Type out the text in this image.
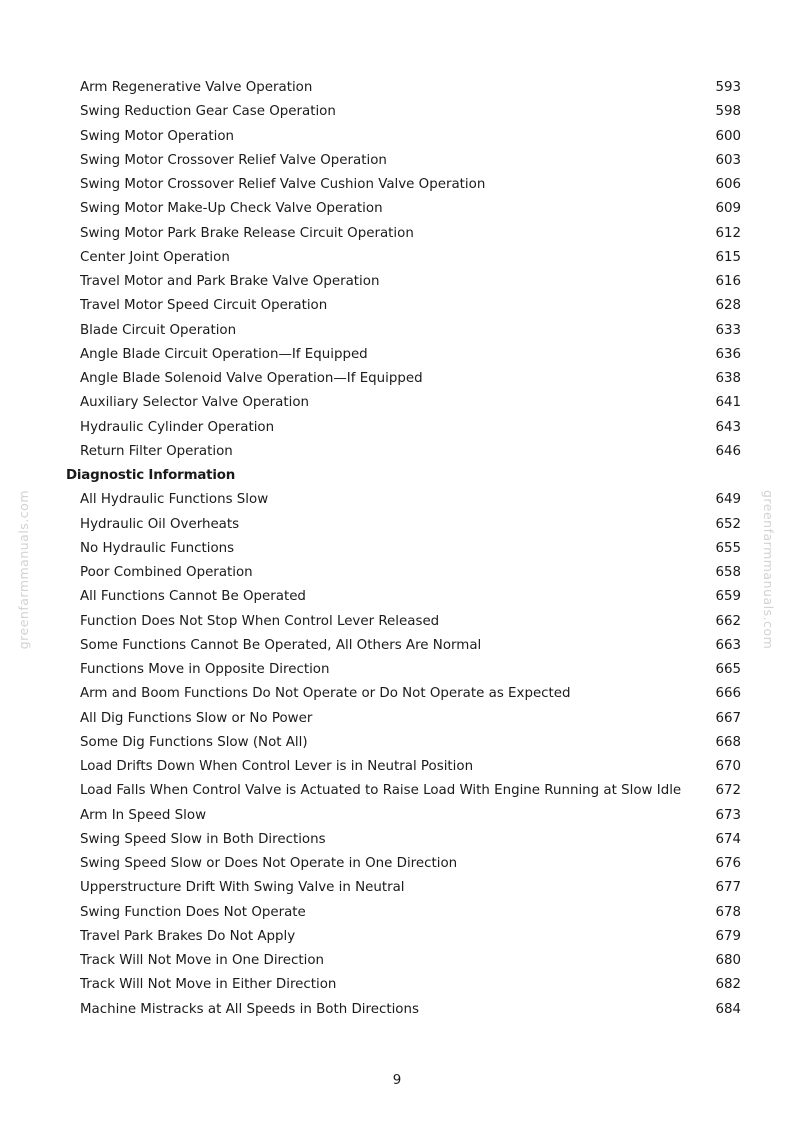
greenfarmmanuals.com	greenfarmmanuals.com
Arm Regenerative Valve Operation	593
Swing Reduction Gear Case Operation	598
Swing Motor Operation	600
Swing Motor Crossover Relief Valve Operation	603
Swing Motor Crossover Relief Valve Cushion Valve Operation	606
Swing Motor Make-Up Check Valve Operation	609
Swing Motor Park Brake Release Circuit Operation	612
Center Joint Operation	615
Travel Motor and Park Brake Valve Operation	616
Travel Motor Speed Circuit Operation	628
Blade Circuit Operation	633
Angle Blade Circuit Operation—If Equipped	636
Angle Blade Solenoid Valve Operation—If Equipped	638
Auxiliary Selector Valve Operation	641
Hydraulic Cylinder Operation	643
Return Filter Operation	646
Diagnostic Information
All Hydraulic Functions Slow	649
Hydraulic Oil Overheats	652
No Hydraulic Functions	655
Poor Combined Operation	658
All Functions Cannot Be Operated	659
Function Does Not Stop When Control Lever Released	662
Some Functions Cannot Be Operated, All Others Are Normal	663
Functions Move in Opposite Direction	665
Arm and Boom Functions Do Not Operate or Do Not Operate as Expected	666
All Dig Functions Slow or No Power	667
Some Dig Functions Slow (Not All)	668
Load Drifts Down When Control Lever is in Neutral Position	670
Load Falls When Control Valve is Actuated to Raise Load With Engine Running at Slow Idle	672
Arm In Speed Slow	673
Swing Speed Slow in Both Directions	674
Swing Speed Slow or Does Not Operate in One Direction	676
Upperstructure Drift With Swing Valve in Neutral	677
Swing Function Does Not Operate	678
Travel Park Brakes Do Not Apply	679
Track Will Not Move in One Direction	680
Track Will Not Move in Either Direction	682
Machine Mistracks at All Speeds in Both Directions	684
9
